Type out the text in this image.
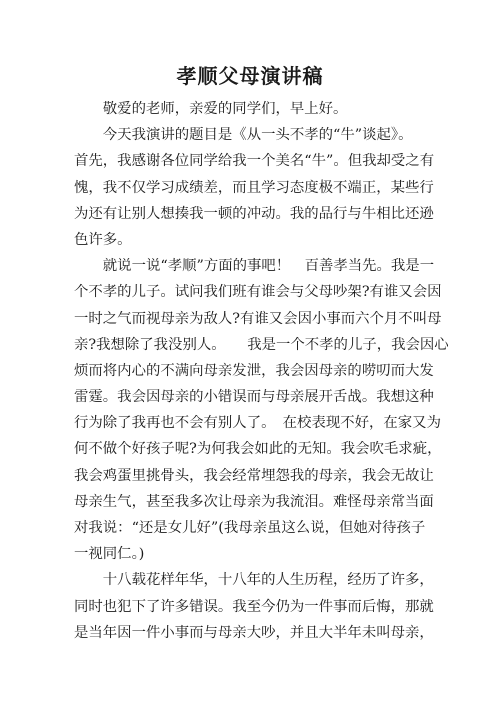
孝顺父母演讲稿
　　敬爱的老师，亲爱的同学们，早上好。
　　今天我演讲的题目是《从一头不孝的“牛”谈起》。
首先，我感谢各位同学给我一个美名“牛”。但我却受之有
愧，我不仅学习成绩差，而且学习态度极不端正，某些行
为还有让别人想揍我一顿的冲动。我的品行与牛相比还逊
色许多。
　　就说一说“孝顺”方面的事吧！　百善孝当先。我是一
个不孝的儿子。试问我们班有谁会与父母吵架?有谁又会因
一时之气而视母亲为敌人?有谁又会因小事而六个月不叫母
亲?我想除了我没别人。　　我是一个不孝的儿子，我会因心
烦而将内心的不满向母亲发泄，我会因母亲的唠叨而大发
雷霆。我会因母亲的小错误而与母亲展开舌战。我想这种
行为除了我再也不会有别人了。　在校表现不好，在家又为
何不做个好孩子呢?为何我会如此的无知。我会吹毛求疵，
我会鸡蛋里挑骨头，我会经常埋怨我的母亲，我会无故让
母亲生气，甚至我多次让母亲为我流泪。难怪母亲常当面
对我说：“还是女儿好”(我母亲虽这么说，但她对待孩子
一视同仁。)
　　十八载花样年华，十八年的人生历程，经历了许多，
同时也犯下了许多错误。我至今仍为一件事而后悔，那就
是当年因一件小事而与母亲大吵，并且大半年未叫母亲，
